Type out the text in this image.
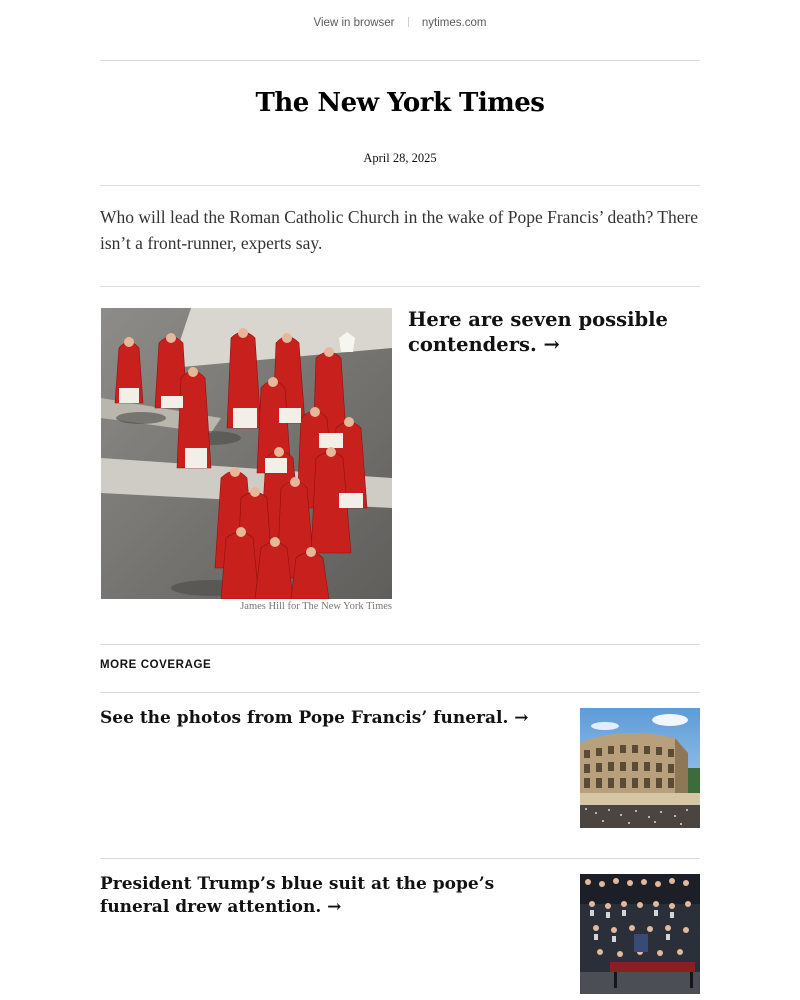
View in browser nytimes.com
The New York Times
April 28, 2025
Who will lead the Roman Catholic Church in the wake of Pope Francis’ death? There isn’t a front-runner, experts say.
James Hill for The New York Times
Here are seven possible contenders. →
MORE COVERAGE
See the photos from Pope Francis’ funeral. →
President Trump’s blue suit at the pope’s funeral drew attention. →
